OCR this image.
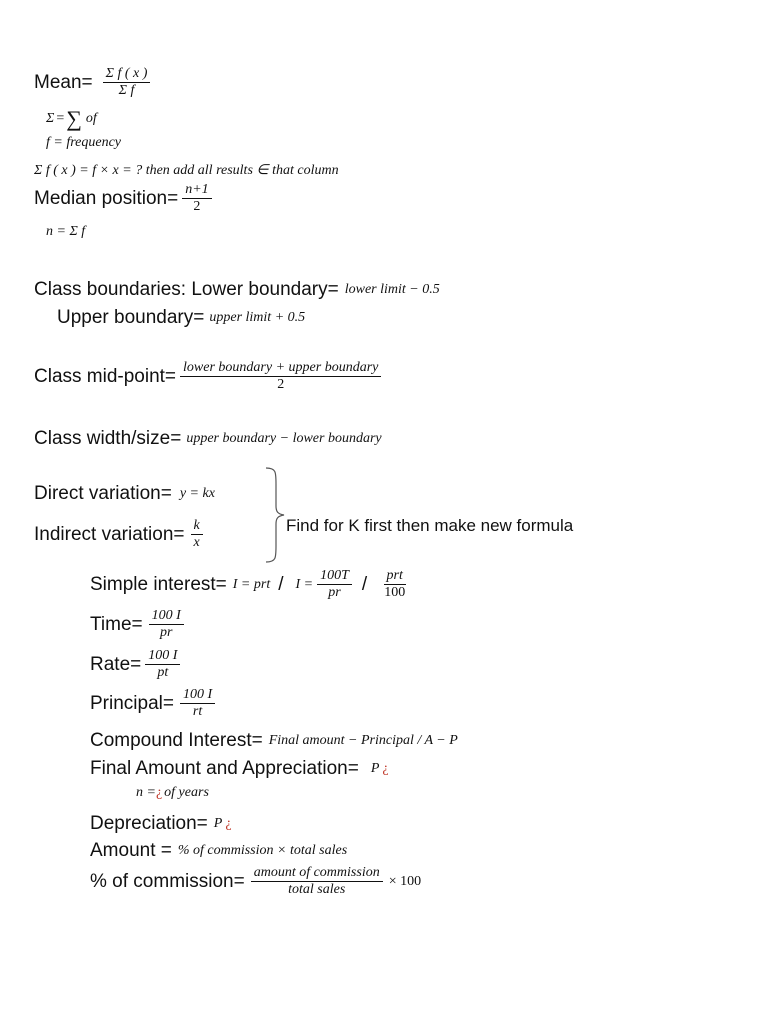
Mean= $\frac{\text{Σ f ( x )}}{\text{Σ f}}$
Σ = ∑ of
f = frequency
Σ f ( x ) = f × x = ? then add all results ∈ that column
Median position= $\frac{n+1}{2}$
n = Σ f
Class boundaries: Lower boundary= lower limit − 0.5
Upper boundary= upper limit + 0.5
Class mid-point= $\frac{\text{lower boundary + upper boundary}}{2}$
Class width/size= upper boundary − lower boundary
Direct variation= y = kx
Indirect variation= $\frac{k}{x}$	Find for K first then make new formula
Simple interest= I = prt / $I = \frac{100T}{pr} / \frac{\text{prt}}{100}$
Time= $\frac{100 I}{pr}$
Rate= $\frac{100 I}{pt}$
Principal= $\frac{100 I}{rt}$
Compound Interest= Final amount − Principal / A − P
Final Amount and Appreciation= P ¿
n = ¿ of years
Depreciation= P ¿
Amount = % of commission × total sales
% of commission= $\frac{\text{amount of commission}}{\text{total sales}} \times 100$
